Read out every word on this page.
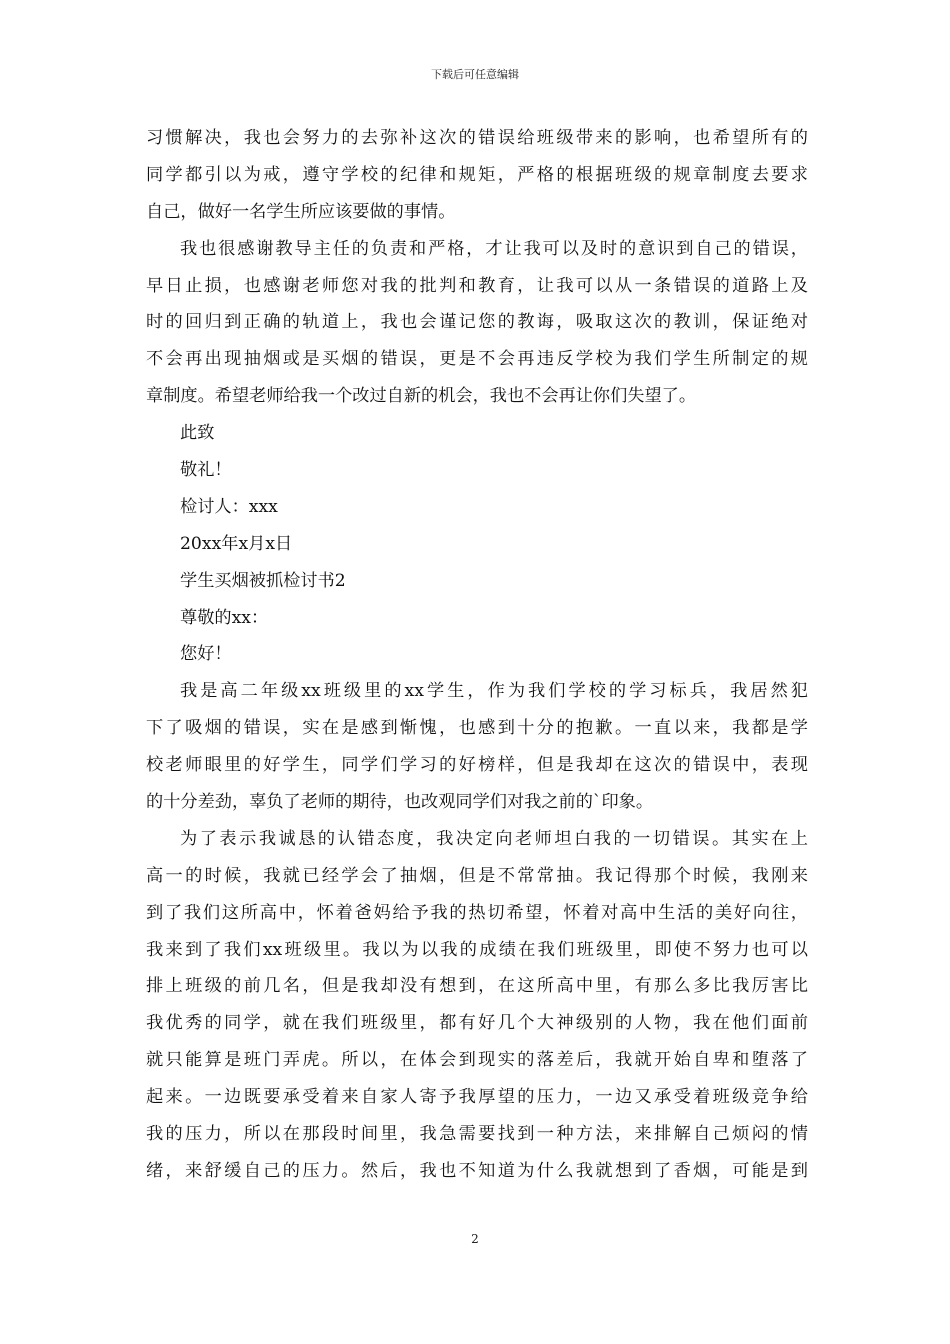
下载后可任意编辑
习惯解决，我也会努力的去弥补这次的错误给班级带来的影响，也希望所有的
同学都引以为戒，遵守学校的纪律和规矩，严格的根据班级的规章制度去要求
自己，做好一名学生所应该要做的事情。
我也很感谢教导主任的负责和严格，才让我可以及时的意识到自己的错误，
早日止损，也感谢老师您对我的批判和教育，让我可以从一条错误的道路上及
时的回归到正确的轨道上，我也会谨记您的教诲，吸取这次的教训，保证绝对
不会再出现抽烟或是买烟的错误，更是不会再违反学校为我们学生所制定的规
章制度。希望老师给我一个改过自新的机会，我也不会再让你们失望了。
此致
敬礼！
检讨人：xxx
20xx年x月x日
学生买烟被抓检讨书2
尊敬的xx：
您好！
我是高二年级xx班级里的xx学生，作为我们学校的学习标兵，我居然犯
下了吸烟的错误，实在是感到惭愧，也感到十分的抱歉。一直以来，我都是学
校老师眼里的好学生，同学们学习的好榜样，但是我却在这次的错误中，表现
的十分差劲，辜负了老师的期待，也改观同学们对我之前的`印象。
为了表示我诚恳的认错态度，我决定向老师坦白我的一切错误。其实在上
高一的时候，我就已经学会了抽烟，但是不常常抽。我记得那个时候，我刚来
到了我们这所高中，怀着爸妈给予我的热切希望，怀着对高中生活的美好向往，
我来到了我们xx班级里。我以为以我的成绩在我们班级里，即使不努力也可以
排上班级的前几名，但是我却没有想到，在这所高中里，有那么多比我厉害比
我优秀的同学，就在我们班级里，都有好几个大神级别的人物，我在他们面前
就只能算是班门弄虎。所以，在体会到现实的落差后，我就开始自卑和堕落了
起来。一边既要承受着来自家人寄予我厚望的压力，一边又承受着班级竞争给
我的压力，所以在那段时间里，我急需要找到一种方法，来排解自己烦闷的情
绪，来舒缓自己的压力。然后，我也不知道为什么我就想到了香烟，可能是到
2
